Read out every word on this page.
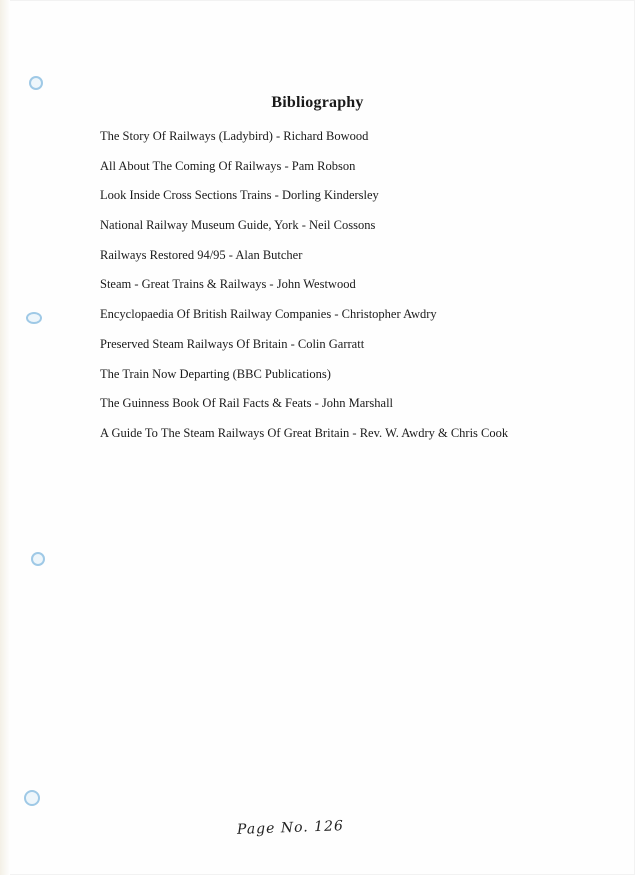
Bibliography
The Story Of Railways (Ladybird) - Richard Bowood
All About The Coming Of Railways - Pam Robson
Look Inside Cross Sections Trains - Dorling Kindersley
National Railway Museum Guide, York - Neil Cossons
Railways Restored 94/95 - Alan Butcher
Steam - Great Trains & Railways - John Westwood
Encyclopaedia Of British Railway Companies - Christopher Awdry
Preserved Steam Railways Of Britain - Colin Garratt
The Train Now Departing (BBC Publications)
The Guinness Book Of Rail Facts & Feats - John Marshall
A Guide To The Steam Railways Of Great Britain - Rev. W. Awdry & Chris Cook
Page No. 126
